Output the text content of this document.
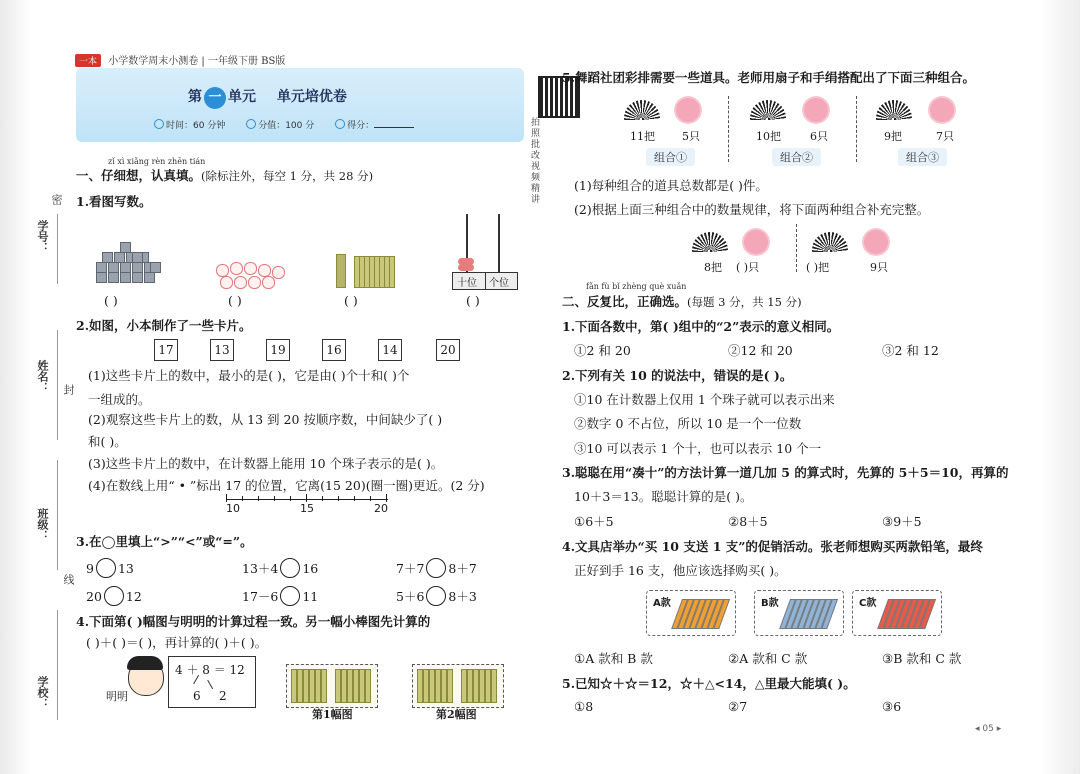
密
学号：
姓名： 封
班级：
线
学校：
一本 小学数学周末小测卷 | 一年级下册 BS版
第 一 单元 单元培优卷
时间：60 分钟	分值：100 分	得分：	拍照批改
视频精讲
zǐ xì xiǎng rèn zhēn tián
一、仔细想，认真填。(除标注外，每空 1 分，共 28 分)
1.看图写数。
十位 个位
( )	( )	( )	( )
2.如图，小本制作了一些卡片。
17	13	19	16	14	20
(1)这些卡片上的数中，最小的是( )，它是由( )个十和( )个
一组成的。
(2)观察这些卡片上的数，从 13 到 20 按顺序数，中间缺少了( )
和( )。
(3)这些卡片上的数中，在计数器上能用 10 个珠子表示的是( )。
(4)在数线上用“ • ”标出 17 的位置，它离(15 20)(圈一圈)更近。(2 分)
10	15	20
3.在◯里填上“>”“<”或“=”。
9 13	13＋4 16	7＋7 8＋7
20 12	17－6 11	5＋6 8＋3
4.下面第( )幅图与明明的计算过程一致。另一幅小棒图先计算的
( )＋( )＝( )，再计算的( )＋( )。
明明
4 ＋ 8 ＝ 12
6 2
第1幅图	第2幅图
5.舞蹈社团彩排需要一些道具。老师用扇子和手绢搭配出了下面三种组合。
11把 5只
组合①
10把	6只
组合②
9把	7只
组合③
(1)每种组合的道具总数都是( )件。
(2)根据上面三种组合中的数量规律，将下面两种组合补充完整。
8把 ( )只	( )把	9只
fǎn fù bǐ zhèng què xuǎn
二、反复比，正确选。(每题 3 分，共 15 分)
1.下面各数中，第( )组中的“2”表示的意义相同。
①2 和 20	②12 和 20	③2 和 12
2.下列有关 10 的说法中，错误的是( )。
①10 在计数器上仅用 1 个珠子就可以表示出来
②数字 0 不占位，所以 10 是一个一位数
③10 可以表示 1 个十，也可以表示 10 个一
3.聪聪在用“凑十”的方法计算一道几加 5 的算式时，先算的 5＋5＝10，再算的
10＋3＝13。聪聪计算的是( )。
①6＋5	②8＋5	③9＋5
4.文具店举办“买 10 支送 1 支”的促销活动。张老师想购买两款铅笔，最终
正好到手 16 支，他应该选择购买( )。
A款	B款	C款
①A 款和 B 款	②A 款和 C 款	③B 款和 C 款
5.已知☆＋☆＝12，☆＋△<14，△里最大能填( )。
①8	②7	③6
◂ 05 ▸
